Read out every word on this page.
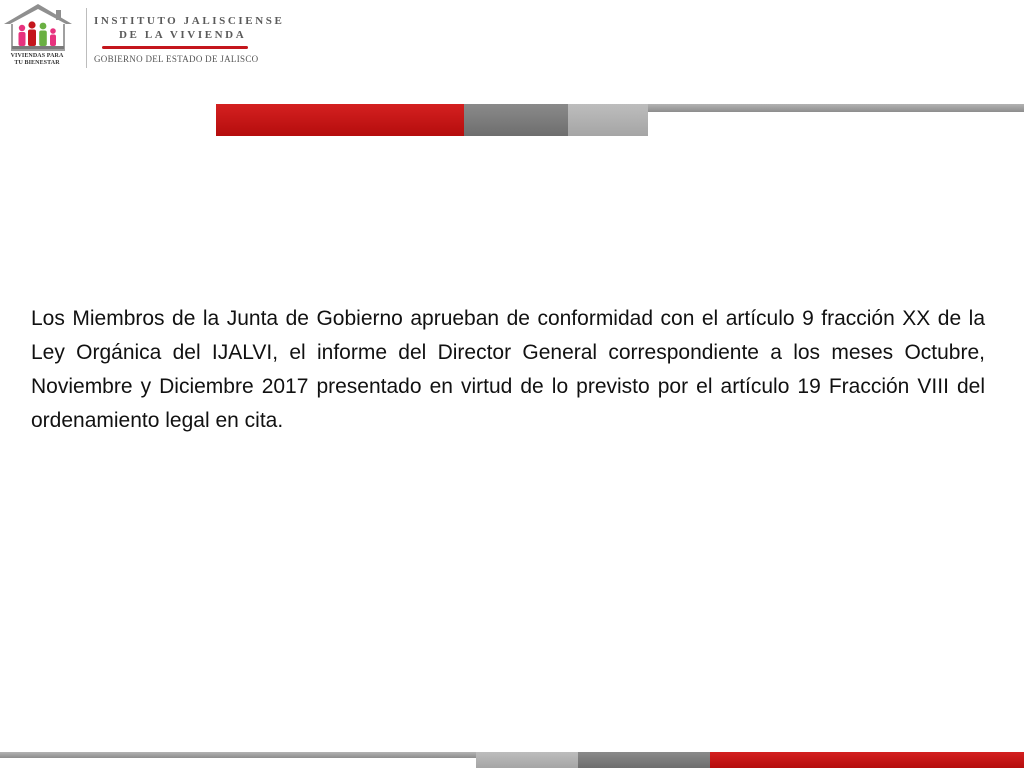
VIVIENDAS PARA
TU BIENESTAR
INSTITUTO JALISCIENSE
DE LA VIVIENDA
GOBIERNO DEL ESTADO DE JALISCO

Los Miembros de la Junta de Gobierno aprueban de conformidad con el artículo 9 fracción XX de la Ley Orgánica del IJALVI, el informe del Director General correspondiente a los meses Octubre, Noviembre y Diciembre 2017 presentado en virtud de lo previsto por el artículo 19 Fracción VIII del ordenamiento legal en cita.
